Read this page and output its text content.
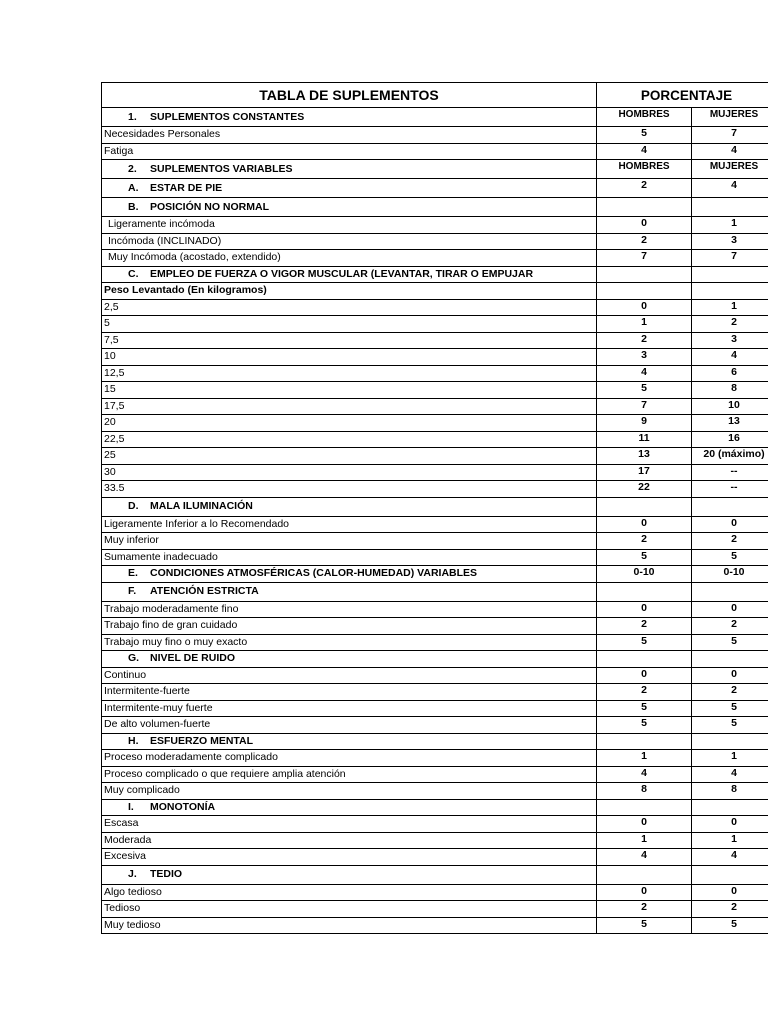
TABLA DE SUPLEMENTOS	PORCENTAJE	
1. SUPLEMENTOS CONSTANTES	HOMBRES	MUJERES
Necesidades Personales	5	7
Fatiga	4	4
2. SUPLEMENTOS VARIABLES	HOMBRES	MUJERES
A. ESTAR DE PIE	2	4
B. POSICIÓN NO NORMAL		
Ligeramente incómoda	0	1
Incómoda (INCLINADO)	2	3
Muy Incómoda (acostado, extendido)	7	7
C. EMPLEO DE FUERZA O VIGOR MUSCULAR (LEVANTAR, TIRAR O EMPUJAR		
Peso Levantado (En kilogramos)		
2,5	0	1
5	1	2
7,5	2	3
10	3	4
12,5	4	6
15	5	8
17,5	7	10
20	9	13
22,5	11	16
25	13	20 (máximo)
30	17	--
33.5	22	--
D. MALA ILUMINACIÓN		
Ligeramente Inferior a lo Recomendado	0	0
Muy inferior	2	2
Sumamente inadecuado	5	5
E. CONDICIONES ATMOSFÉRICAS (CALOR-HUMEDAD) VARIABLES	0-10	0-10
F. ATENCIÓN ESTRICTA		
Trabajo moderadamente fino	0	0
Trabajo fino de gran cuidado	2	2
Trabajo muy fino o muy exacto	5	5
G. NIVEL DE RUIDO		
Continuo	0	0
Intermitente-fuerte	2	2
Intermitente-muy fuerte	5	5
De alto volumen-fuerte	5	5
H. ESFUERZO MENTAL		
Proceso moderadamente complicado	1	1
Proceso complicado o que requiere amplia atención	4	4
Muy complicado	8	8
I. MONOTONÍA		
Escasa	0	0
Moderada	1	1
Excesiva	4	4
J. TEDIO		
Algo tedioso	0	0
Tedioso	2	2
Muy tedioso	5	5
